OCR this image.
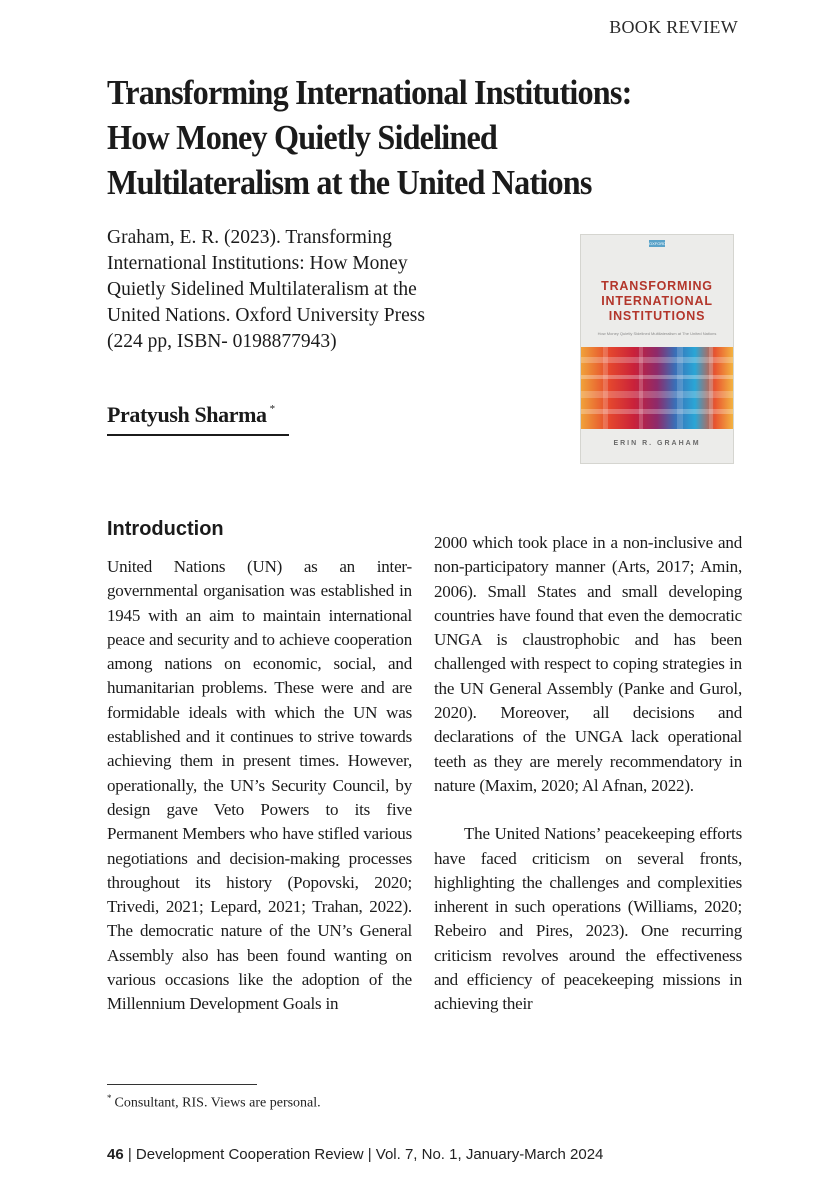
BOOK REVIEW
Transforming International Institutions:
How Money Quietly Sidelined
Multilateralism at the United Nations
Graham, E. R. (2023). Transforming
International Institutions: How Money
Quietly Sidelined Multilateralism at the
United Nations. Oxford University Press
(224 pp, ISBN- 0198877943)
Pratyush Sharma *
OXFORD
TRANSFORMING
INTERNATIONAL
INSTITUTIONS
How Money Quietly Sidelined Multilateralism at The United Nations
ERIN R. GRAHAM
Introduction

United Nations (UN) as an inter-governmental organisation was established in 1945 with an aim to maintain international peace and security and to achieve cooperation among nations on economic, social, and humanitarian problems. These were and are formidable ideals with which the UN was established and it continues to strive towards achieving them in present times. However, operationally, the UN’s Security Council, by design gave Veto Powers to its five Permanent Members who have stifled various negotiations and decision-making processes throughout its history (Popovski, 2020; Trivedi, 2021; Lepard, 2021; Trahan, 2022). The democratic nature of the UN’s General Assembly also has been found wanting on various occasions like the adoption of the Millennium Development Goals in

2000 which took place in a non-inclusive and non-participatory manner (Arts, 2017; Amin, 2006). Small States and small developing countries have found that even the democratic UNGA is claustrophobic and has been challenged with respect to coping strategies in the UN General Assembly (Panke and Gurol, 2020). Moreover, all decisions and declarations of the UNGA lack operational teeth as they are merely recommendatory in nature (Maxim, 2020; Al Afnan, 2022).

The United Nations’ peacekeeping efforts have faced criticism on several fronts, highlighting the challenges and complexities inherent in such operations (Williams, 2020; Rebeiro and Pires, 2023). One recurring criticism revolves around the effectiveness and efficiency of peacekeeping missions in achieving their

* Consultant, RIS. Views are personal.
46 | Development Cooperation Review | Vol. 7, No. 1, January-March 2024
